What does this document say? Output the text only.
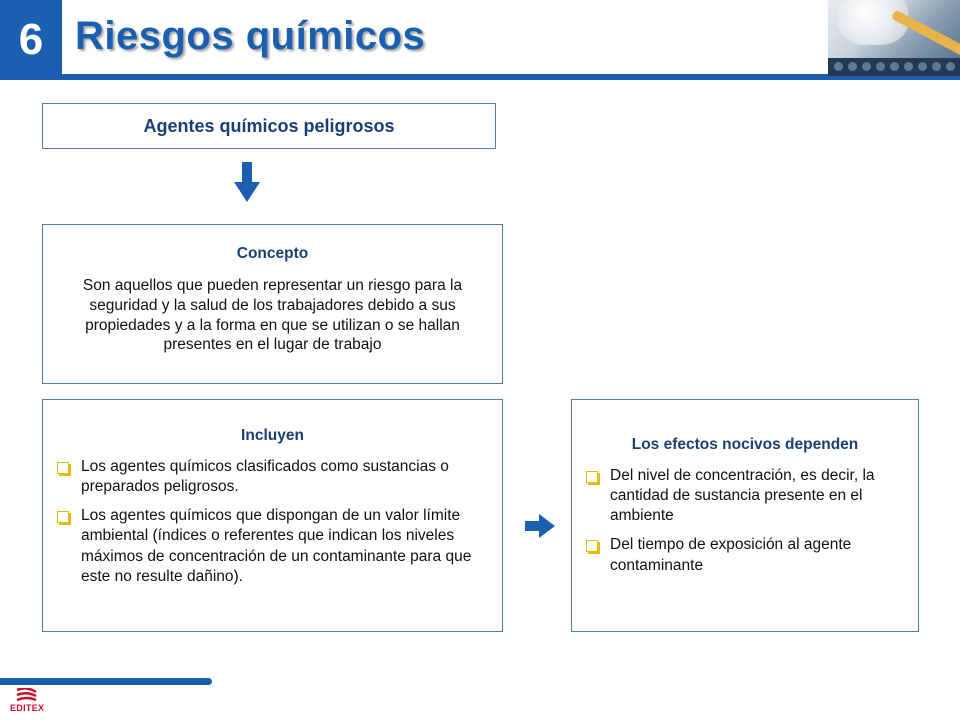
6 Riesgos químicos
Agentes químicos peligrosos
Concepto
Son aquellos que pueden representar un riesgo para la seguridad y la salud de los trabajadores debido a sus propiedades y a la forma en que se utilizan o se hallan presentes en el lugar de trabajo
Incluyen
Los agentes químicos clasificados como sustancias o preparados peligrosos.
Los agentes químicos que dispongan de un valor límite ambiental (índices o referentes que indican los niveles máximos de concentración de un contaminante para que este no resulte dañino).
Los efectos nocivos dependen
Del nivel de concentración, es decir, la cantidad de sustancia presente en el ambiente
Del tiempo de exposición al agente contaminante
EDITEX
